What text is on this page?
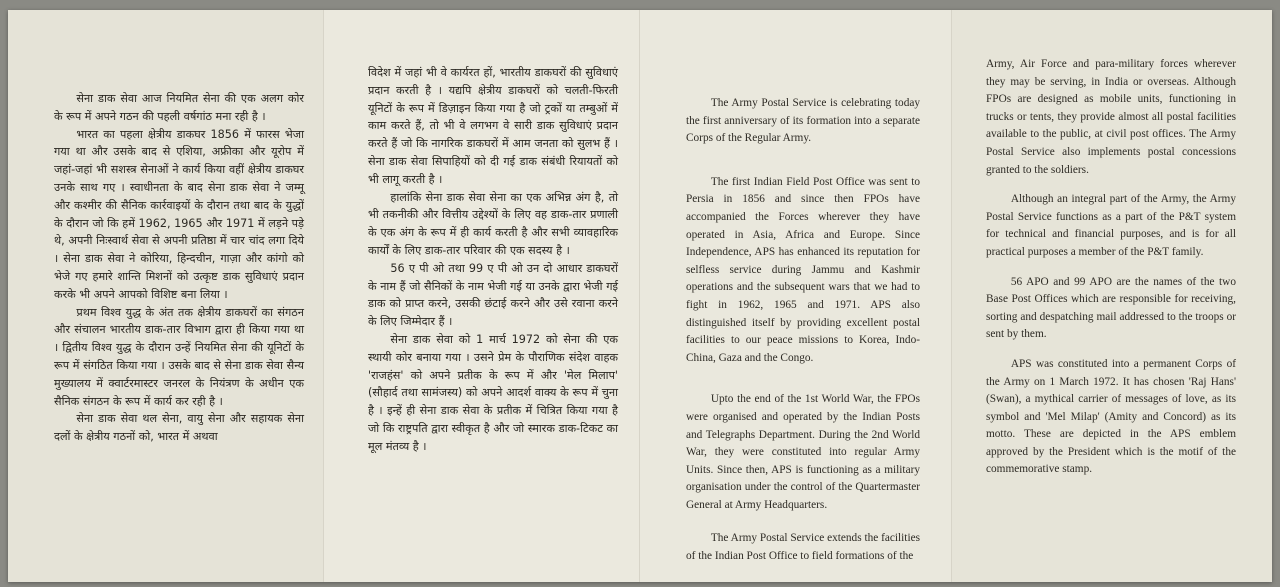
सेना डाक सेवा आज नियमित सेना की एक अलग कोर के रूप में अपने गठन की पहली वर्षगांठ मना रही है ।

भारत का पहला क्षेत्रीय डाकघर 1856 में फारस भेजा गया था और उसके बाद से एशिया, अफ्रीका और यूरोप में जहां-जहां भी सशस्त्र सेनाओं ने कार्य किया वहीं क्षेत्रीय डाकघर उनके साथ गए । स्वाधीनता के बाद सेना डाक सेवा ने जम्मू और कश्मीर की सैनिक कार्रवाइयों के दौरान तथा बाद के युद्धों के दौरान जो कि हमें 1962, 1965 और 1971 में लड़ने पड़े थे, अपनी निःस्वार्थ सेवा से अपनी प्रतिष्ठा में चार चांद लगा दिये । सेना डाक सेवा ने कोरिया, हिन्दचीन, गाज़ा और कांगो को भेजे गए हमारे शान्ति मिशनों को उत्कृष्ट डाक सुविधाएं प्रदान करके भी अपने आपको विशिष्ट बना लिया ।

प्रथम विश्व युद्ध के अंत तक क्षेत्रीय डाकघरों का संगठन और संचालन भारतीय डाक-तार विभाग द्वारा ही किया गया था । द्वितीय विश्व युद्ध के दौरान उन्हें नियमित सेना की यूनिटों के रूप में संगठित किया गया । उसके बाद से सेना डाक सेवा सैन्य मुख्यालय में क्वार्टरमास्टर जनरल के नियंत्रण के अधीन एक सैनिक संगठन के रूप में कार्य कर रही है ।

सेना डाक सेवा थल सेना, वायु सेना और सहायक सेना दलों के क्षेत्रीय गठनों को, भारत में अथवा

विदेश में जहां भी वे कार्यरत हों, भारतीय डाकघरों की सुविधाएं प्रदान करती है । यद्यपि क्षेत्रीय डाकघरों को चलती-फिरती यूनिटों के रूप में डिज़ाइन किया गया है जो ट्रकों या तम्बुओं में काम करते हैं, तो भी वे लगभग वे सारी डाक सुविधाएं प्रदान करते हैं जो कि नागरिक डाकघरों में आम जनता को सुलभ हैं । सेना डाक सेवा सिपाहियों को दी गई डाक संबंधी रियायतों को भी लागू करती है ।

हालांकि सेना डाक सेवा सेना का एक अभिन्न अंग है, तो भी तकनीकी और वित्तीय उद्देश्यों के लिए वह डाक-तार प्रणाली के एक अंग के रूप में ही कार्य करती है और सभी व्यावहारिक कार्यों के लिए डाक-तार परिवार की एक सदस्य है ।

56 ए पी ओ तथा 99 ए पी ओ उन दो आधार डाकघरों के नाम हैं जो सैनिकों के नाम भेजी गई या उनके द्वारा भेजी गई डाक को प्राप्त करने, उसकी छंटाई करने और उसे रवाना करने के लिए जिम्मेदार हैं ।

सेना डाक सेवा को 1 मार्च 1972 को सेना की एक स्थायी कोर बनाया गया । उसने प्रेम के पौराणिक संदेश वाहक 'राजहंस' को अपने प्रतीक के रूप में और 'मेल मिलाप' (सौहार्द तथा सामंजस्य) को अपने आदर्श वाक्य के रूप में चुना है । इन्हें ही सेना डाक सेवा के प्रतीक में चित्रित किया गया है जो कि राष्ट्रपति द्वारा स्वीकृत है और जो स्मारक डाक-टिकट का मूल मंतव्य है ।

The Army Postal Service is celebrating today the first anniversary of its formation into a separate Corps of the Regular Army.

The first Indian Field Post Office was sent to Persia in 1856 and since then FPOs have accompanied the Forces wherever they have operated in Asia, Africa and Europe. Since Independence, APS has enhanced its reputation for selfless service during Jammu and Kashmir operations and the subsequent wars that we had to fight in 1962, 1965 and 1971. APS also distinguished itself by providing excellent postal facilities to our peace missions to Korea, Indo-China, Gaza and the Congo.

Upto the end of the 1st World War, the FPOs were organised and operated by the Indian Posts and Telegraphs Department. During the 2nd World War, they were constituted into regular Army Units. Since then, APS is functioning as a military organisation under the control of the Quartermaster General at Army Headquarters.

The Army Postal Service extends the facilities of the Indian Post Office to field formations of the

Army, Air Force and para-military forces wherever they may be serving, in India or overseas. Although FPOs are designed as mobile units, functioning in trucks or tents, they provide almost all postal facilities available to the public, at civil post offices. The Army Postal Service also implements postal concessions granted to the soldiers.

Although an integral part of the Army, the Army Postal Service functions as a part of the P&T system for technical and financial purposes, and is for all practical purposes a member of the P&T family.

56 APO and 99 APO are the names of the two Base Post Offices which are responsible for receiving, sorting and despatching mail addressed to the troops or sent by them.

APS was constituted into a permanent Corps of the Army on 1 March 1972. It has chosen 'Raj Hans' (Swan), a mythical carrier of messages of love, as its symbol and 'Mel Milap' (Amity and Concord) as its motto. These are depicted in the APS emblem approved by the President which is the motif of the commemorative stamp.
